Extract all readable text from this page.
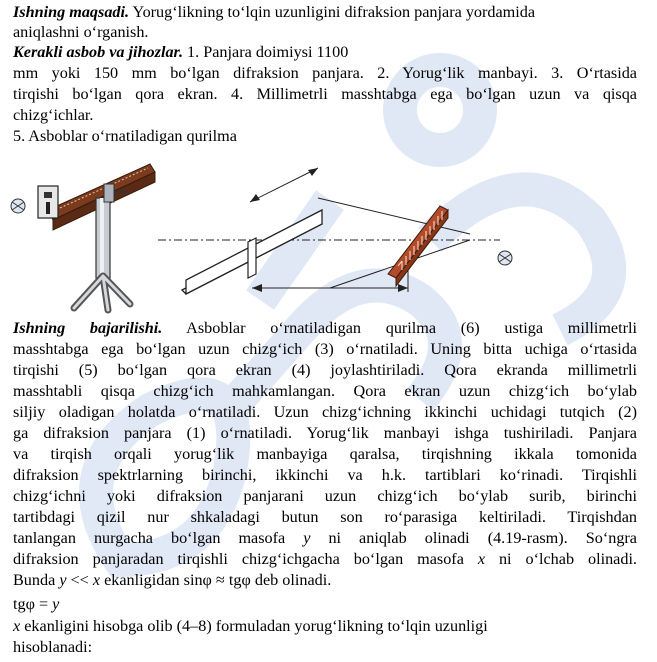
Ishning maqsadi. Yorug‘likning to‘lqin uzunligini difraksion panjara yordamida

aniqlashni o‘rganish.

Kerakli asbob va jihozlar. 1. Panjara doimiysi 1100

mm yoki 150 mm bo‘lgan difraksion panjara. 2. Yorug‘lik manbayi. 3. O‘rtasida

tirqishi bo‘lgan qora ekran. 4. Millimetrli masshtabga ega bo‘lgan uzun va qisqa

chizg‘ichlar.

5. Asboblar o‘rnatiladigan qurilma

Ishning bajarilishi. Asboblar o‘rnatiladigan qurilma (6) ustiga millimetrli

masshtabga ega bo‘lgan uzun chizg‘ich (3) o‘rnatiladi. Uning bitta uchiga o‘rtasida

tirqishi (5) bo‘lgan qora ekran (4) joylashtiriladi. Qora ekranda millimetrli

masshtabli qisqa chizg‘ich mahkamlangan. Qora ekran uzun chizg‘ich bo‘ylab

siljiy oladigan holatda o‘rnatiladi. Uzun chizg‘ichning ikkinchi uchidagi tutqich (2)

ga difraksion panjara (1) o‘rnatiladi. Yorug‘lik manbayi ishga tushiriladi. Panjara

va tirqish orqali yorug‘lik manbayiga qaralsa, tirqishning ikkala tomonida

difraksion spektrlarning birinchi, ikkinchi va h.k. tartiblari ko‘rinadi. Tirqishli

chizg‘ichni yoki difraksion panjarani uzun chizg‘ich bo‘ylab surib, birinchi

tartibdagi qizil nur shkaladagi butun son ro‘parasiga keltiriladi. Tirqishdan

tanlangan nurgacha bo‘lgan masofa y ni aniqlab olinadi (4.19-rasm). So‘ngra

difraksion panjaradan tirqishli chizg‘ichgacha bo‘lgan masofa x ni o‘lchab olinadi.

Bunda y << x ekanligidan sinφ ≈ tgφ deb olinadi.

tgφ = y

x ekanligini hisobga olib (4–8) formuladan yorug‘likning to‘lqin uzunligi

hisoblanadi:
